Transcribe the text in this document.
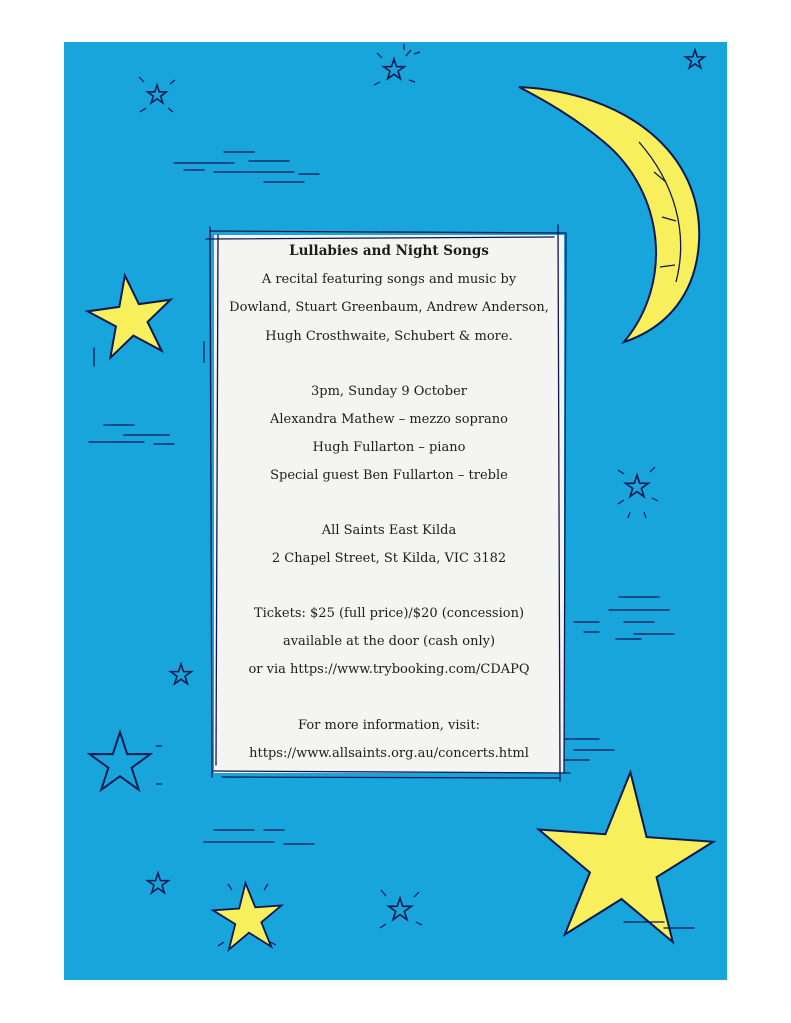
Lullabies and Night Songs
A recital featuring songs and music by
Dowland, Stuart Greenbaum, Andrew Anderson,
Hugh Crosthwaite, Schubert & more.
3pm, Sunday 9 October
Alexandra Mathew – mezzo soprano
Hugh Fullarton – piano
Special guest Ben Fullarton – treble
All Saints East Kilda
2 Chapel Street, St Kilda, VIC 3182
Tickets: $25 (full price)/$20 (concession)
available at the door (cash only)
or via https://www.trybooking.com/CDAPQ
For more information, visit:
https://www.allsaints.org.au/concerts.html
